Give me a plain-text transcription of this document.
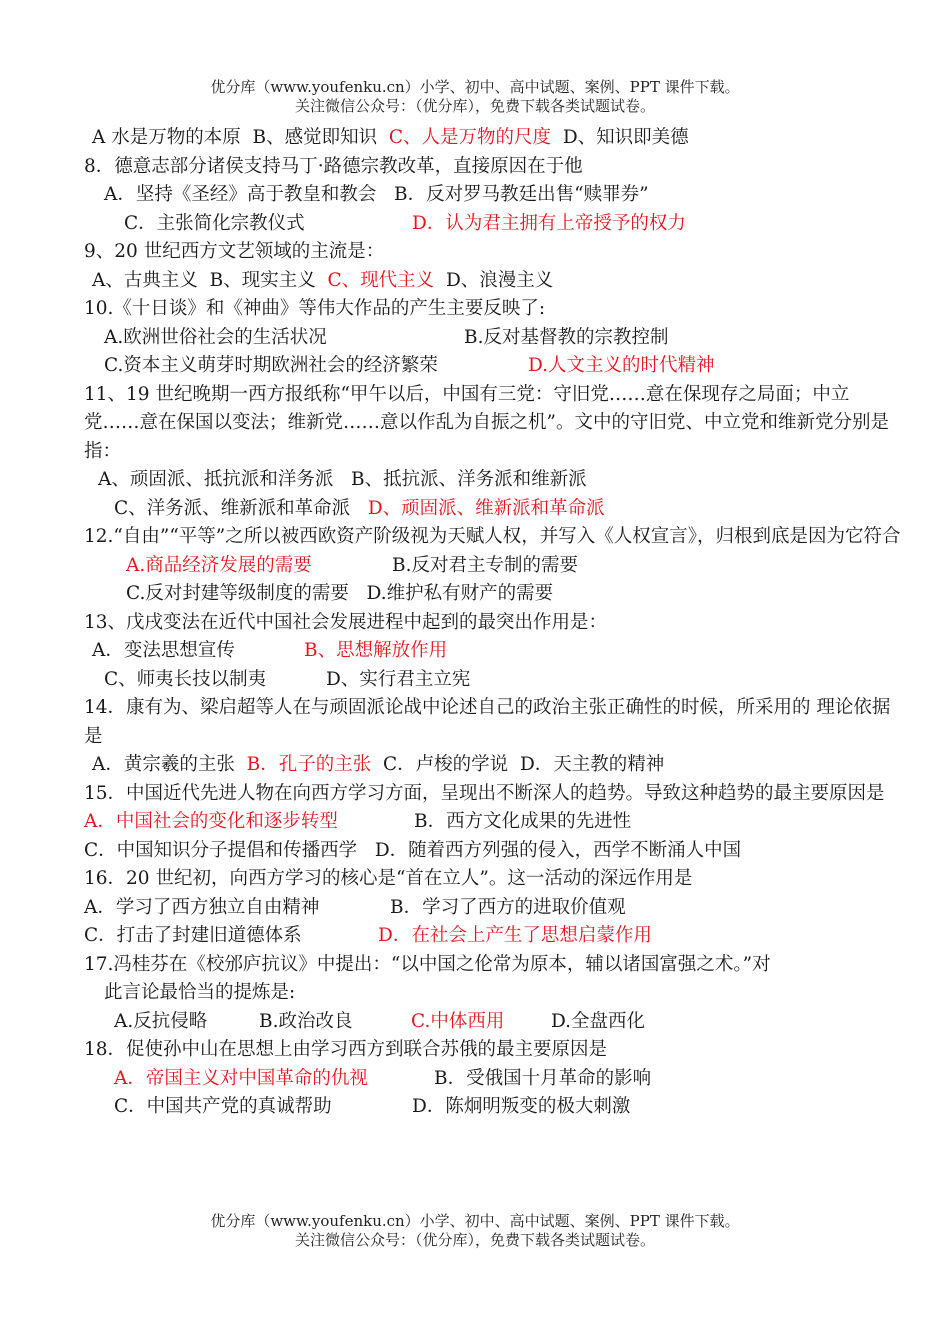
优分库（www.youfenku.cn）小学、初中、高中试题、案例、PPT 课件下载。
关注微信公众号：（优分库），免费下载各类试题试卷。
A 水是万物的本原 B、感觉即知识 C、人是万物的尺度 D、知识即美德
8．德意志部分诸侯支持马丁·路德宗教改革，直接原因在于他
A．坚持《圣经》高于教皇和教会 B．反对罗马教廷出售“赎罪券”
C．主张简化宗教仪式	D．认为君主拥有上帝授予的权力
9、20 世纪西方文艺领域的主流是：
A、古典主义 B、现实主义 C、现代主义 D、浪漫主义
10.《十日谈》和《神曲》等伟大作品的产生主要反映了:
A.欧洲世俗社会的生活状况	B.反对基督教的宗教控制
C.资本主义萌芽时期欧洲社会的经济繁荣	D.人文主义的时代精神
11、19 世纪晚期一西方报纸称“甲午以后，中国有三党：守旧党……意在保现存之局面；中立党……意在保国以变法；维新党……意以作乱为自振之机”。文中的守旧党、中立党和维新党分别是指：
A、顽固派、抵抗派和洋务派 B、抵抗派、洋务派和维新派
C、洋务派、维新派和革命派 D、顽固派、维新派和革命派
12.“自由”“平等”之所以被西欧资产阶级视为天赋人权，并写入《人权宣言》，归根到底是因为它符合
A.商品经济发展的需要	B.反对君主专制的需要
C.反对封建等级制度的需要 D.维护私有财产的需要
13、戊戌变法在近代中国社会发展进程中起到的最突出作用是：
A．变法思想宣传	B、思想解放作用
C、师夷长技以制夷	D、实行君主立宪
14．康有为、梁启超等人在与顽固派论战中论述自己的政治主张正确性的时候，所采用的 理论依据是
A．黄宗羲的主张 B．孔子的主张 C．卢梭的学说 D．天主教的精神
15．中国近代先进人物在向西方学习方面，呈现出不断深人的趋势。导致这种趋势的最主要原因是
A．中国社会的变化和逐步转型	B．西方文化成果的先进性
C．中国知识分子提倡和传播西学 D．随着西方列强的侵入，西学不断涌人中国
16．20 世纪初，向西方学习的核心是“首在立人”。这一活动的深远作用是
A．学习了西方独立自由精神	B．学习了西方的进取价值观
C．打击了封建旧道德体系	D．在社会上产生了思想启蒙作用
17.冯桂芬在《校邠庐抗议》中提出：“以中国之伦常为原本，辅以诸国富强之术。”对
此言论最恰当的提炼是:
A.反抗侵略	B.政治改良	C.中体西用	D.全盘西化
18．促使孙中山在思想上由学习西方到联合苏俄的最主要原因是
A．帝国主义对中国革命的仇视	B．受俄国十月革命的影响
C．中国共产党的真诚帮助	D．陈炯明叛变的极大刺激
优分库（www.youfenku.cn）小学、初中、高中试题、案例、PPT 课件下载。
关注微信公众号：（优分库），免费下载各类试题试卷。
